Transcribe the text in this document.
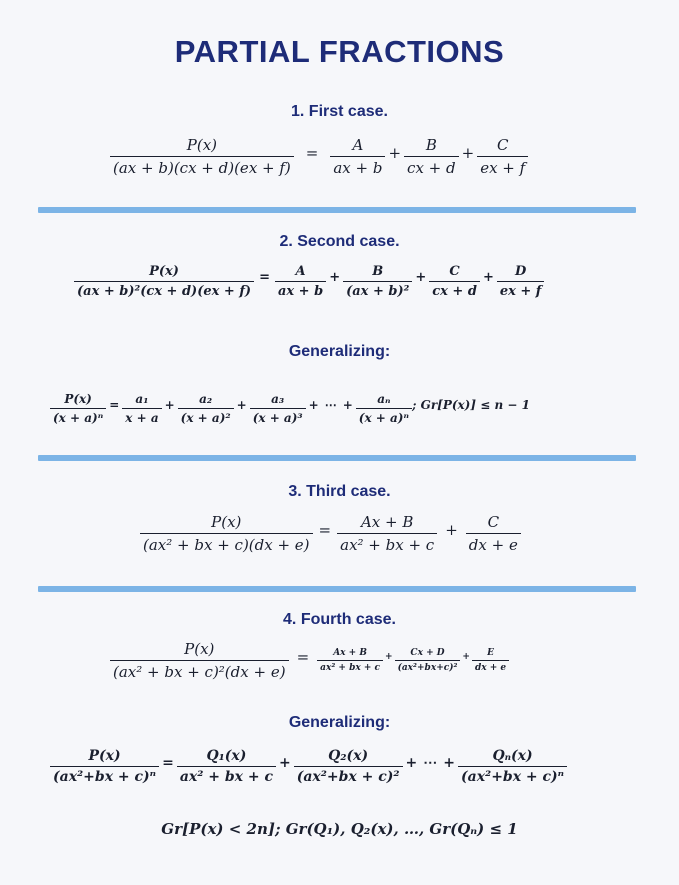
PARTIAL FRACTIONS
1. First case.
$\frac{P(x)}{(ax + b)(cx + d)(ex + f)} = \frac{A}{ax + b} + \frac{B}{cx + d} + \frac{C}{ex + f}$
2. Second case.
$\frac{P(x)}{\text{(ax + b)²(cx + d)(ex + f)}} = \frac{A}{ax + b} + \frac{B}{\text{(ax + b)²}} + \frac{C}{cx + d} + \frac{D}{ex + f}$
Generalizing:
$\frac{P(x)}{\text{(x + a)ⁿ}} = \frac{\text{a₁}}{x + a} + \frac{\text{a₂}}{\text{(x + a)²}} + \frac{\text{a₃}}{\text{(x + a)³}}$ + ⋯ + $\frac{\text{aₙ}}{\text{(x + a)ⁿ}}$ ; Gr[P(x)] ≤ n − 1
3. Third case.
$\frac{P(x)}{\text{(ax² + bx + c)(dx + e)}} = \frac{Ax + B}{\text{ax² + bx + c}} + \frac{C}{dx + e}$
4. Fourth case.
$\frac{P(x)}{\text{(ax² + bx + c)²(dx + e)}} = \frac{Ax + B}{\text{ax² + bx + c}} + \frac{Cx + D}{\text{(ax²+bx+c)²}} + \frac{E}{dx + e}$
Generalizing:
$\frac{P(x)}{\text{(ax²+bx + c)ⁿ}} = \frac{\text{Q₁(x)}}{\text{ax² + bx + c}} + \frac{\text{Q₂(x)}}{\text{(ax²+bx + c)²}}$ + ⋯ + $\frac{\text{Qₙ(x)}}{\text{(ax²+bx + c)ⁿ}}$
Gr[P(x) < 2n]; Gr(Q₁), Q₂(x), …, Gr(Qₙ) ≤ 1
